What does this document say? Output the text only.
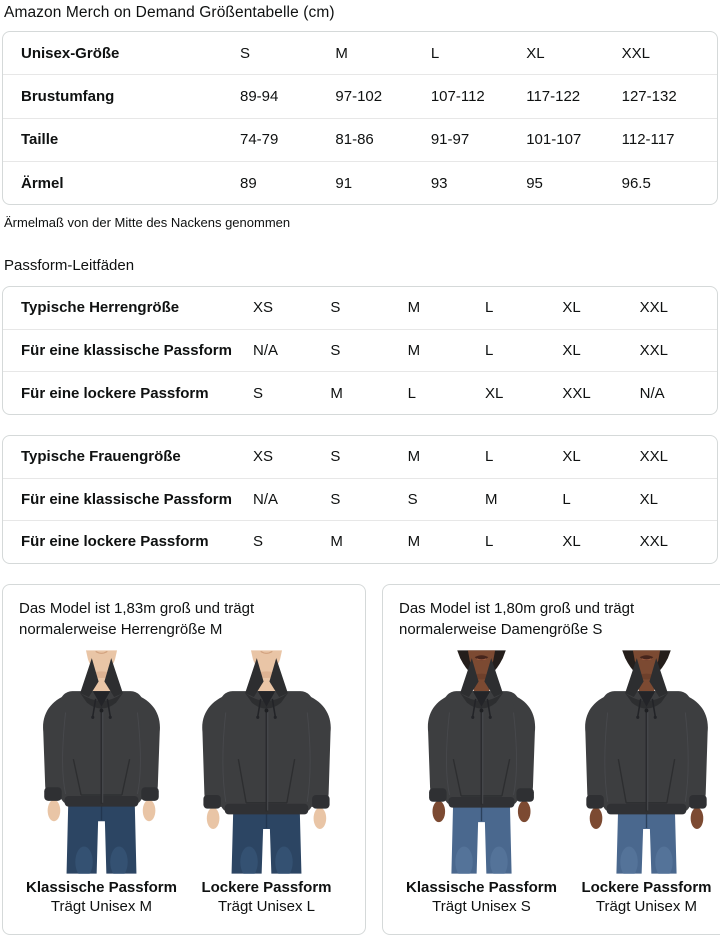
Amazon Merch on Demand Größentabelle (cm)
Unisex-Größe	S	M	L	XL	XXL
Brustumfang	89-94	97-102	107-112	117-122	127-132
Taille	74-79	81-86	91-97	101-107	112-117
Ärmel	89	91	93	95	96.5

Ärmelmaß von der Mitte des Nackens genommen

Passform-Leitfäden
Typische Herrengröße	XS	S	M	L	XL	XXL
Für eine klassische Passform	N/A	S	M	L	XL	XXL
Für eine lockere Passform	S	M	L	XL	XXL	N/A
Typische Frauengröße	XS	S	M	L	XL	XXL
Für eine klassische Passform	N/A	S	S	M	L	XL
Für eine lockere Passform	S	M	M	L	XL	XXL
Das Model ist 1,83m groß und trägt normalerweise Herrengröße M
Klassische Passform
Trägt Unisex M
Lockere Passform
Trägt Unisex L
Das Model ist 1,80m groß und trägt normalerweise Damengröße S
Klassische Passform
Trägt Unisex S
Lockere Passform
Trägt Unisex M
